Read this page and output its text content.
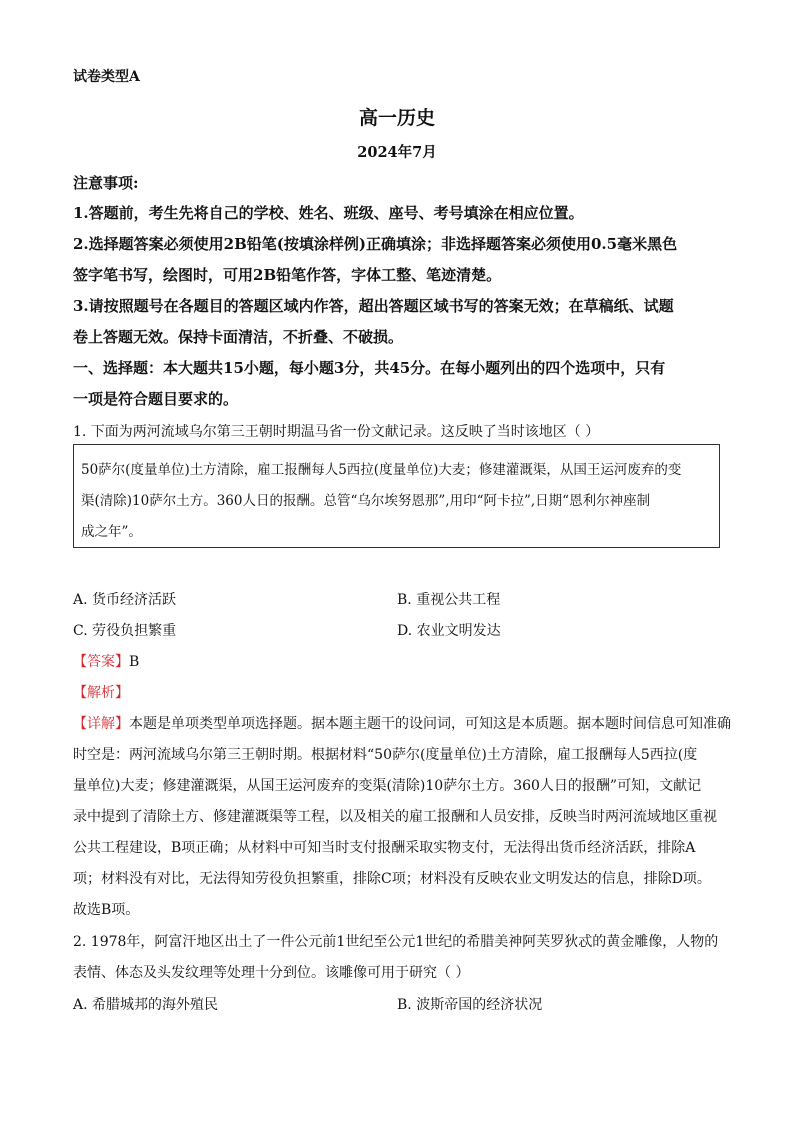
试卷类型A
高一历史
2024年7月
注意事项:
1.答题前，考生先将自己的学校、姓名、班级、座号、考号填涂在相应位置。
2.选择题答案必须使用2B铅笔(按填涂样例)正确填涂；非选择题答案必须使用0.5毫米黑色
签字笔书写，绘图时，可用2B铅笔作答，字体工整、笔迹清楚。
3.请按照题号在各题目的答题区域内作答，超出答题区域书写的答案无效；在草稿纸、试题
卷上答题无效。保持卡面清洁，不折叠、不破损。
一、选择题：本大题共15小题，每小题3分，共45分。在每小题列出的四个选项中，只有
一项是符合题目要求的。
1. 下面为两河流域乌尔第三王朝时期温马省一份文献记录。这反映了当时该地区（ ）
50萨尔(度量单位)土方清除，雇工报酬每人5西拉(度量单位)大麦；修建灌溉渠，从国王运河废弃的变
渠(清除)10萨尔土方。360人日的报酬。总管“乌尔埃努恩那”,用印“阿卡拉”,日期“恩利尔神座制
成之年”。
A. 货币经济活跃	B. 重视公共工程
C. 劳役负担繁重	D. 农业文明发达
【答案】B
【解析】
【详解】本题是单项类型单项选择题。据本题主题干的设问词，可知这是本质题。据本题时间信息可知准确
时空是：两河流域乌尔第三王朝时期。根据材料“50萨尔(度量单位)土方清除，雇工报酬每人5西拉(度
量单位)大麦；修建灌溉渠，从国王运河废弃的变渠(清除)10萨尔土方。360人日的报酬”可知，文献记
录中提到了清除土方、修建灌溉渠等工程，以及相关的雇工报酬和人员安排，反映当时两河流域地区重视
公共工程建设，B项正确；从材料中可知当时支付报酬采取实物支付，无法得出货币经济活跃，排除A
项；材料没有对比，无法得知劳役负担繁重，排除C项；材料没有反映农业文明发达的信息，排除D项。
故选B项。
2. 1978年，阿富汗地区出土了一件公元前1世纪至公元1世纪的希腊美神阿芙罗狄忒的黄金雕像，人物的
表情、体态及头发纹理等处理十分到位。该雕像可用于研究（ ）
A. 希腊城邦的海外殖民	B. 波斯帝国的经济状况
